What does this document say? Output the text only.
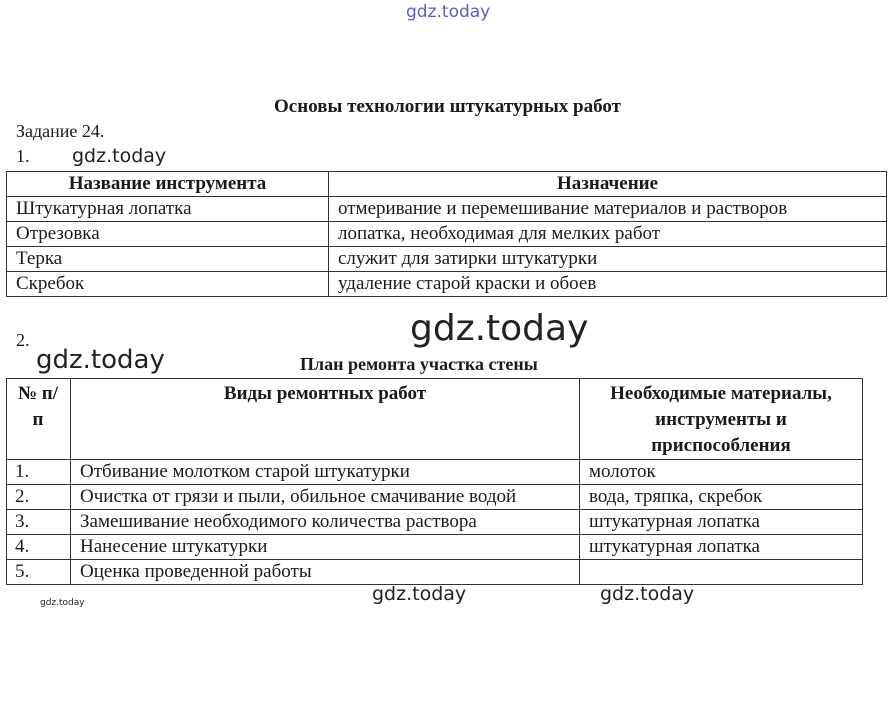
gdz.today
Основы технологии штукатурных работ
Задание 24.
1.
Название инструмента	Назначение
Штукатурная лопатка	отмеривание и перемешивание материалов и растворов
Отрезовка	лопатка, необходимая для мелких работ
Терка	служит для затирки штукатурки
Скребок	удаление старой краски и обоев
2.
План ремонта участка стены
№ п/п	Виды ремонтных работ	Необходимые материалы, инструменты и приспособления
1.	Отбивание молотком старой штукатурки	молоток
2.	Очистка от грязи и пыли, обильное смачивание водой	вода, тряпка, скребок
3.	Замешивание необходимого количества раствора	штукатурная лопатка
4.	Нанесение штукатурки	штукатурная лопатка
5.	Оценка проведенной работы	
gdz.today
gdz.today
gdz.today
gdz.today	gdz.today
gdz.today
